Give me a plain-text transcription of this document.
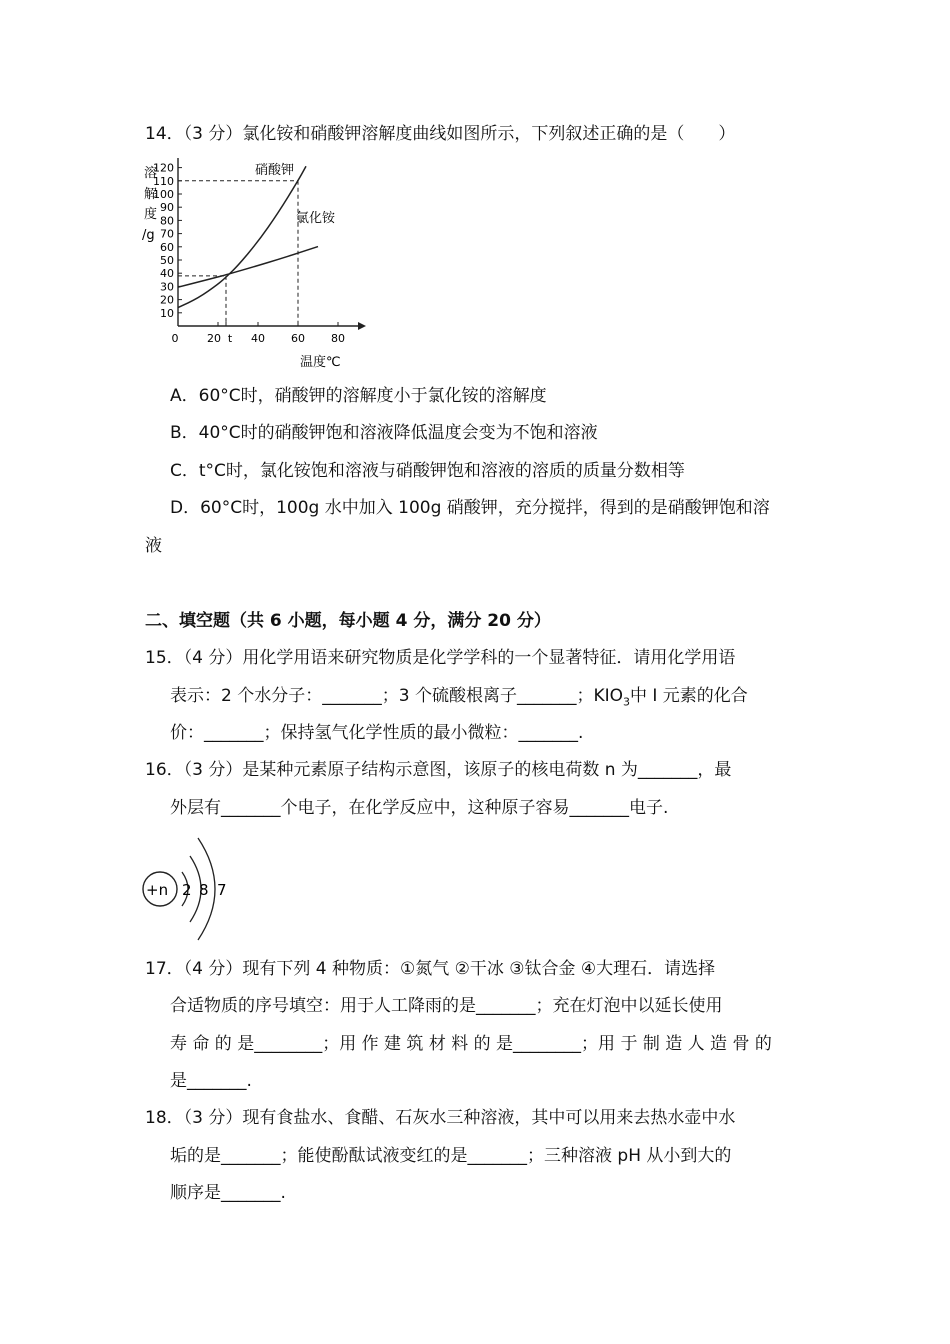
14．（3 分）氯化铵和硝酸钾溶解度曲线如图所示，下列叙述正确的是（　　）
溶
解
度
/g
10
20
30
40
50
60
70
80
90
100
110
120
0	20 t 40 60 80
硝酸钾
氯化铵
温度℃
A．60°C时，硝酸钾的溶解度小于氯化铵的溶解度
B．40°C时的硝酸钾饱和溶液降低温度会变为不饱和溶液
C．t°C时，氯化铵饱和溶液与硝酸钾饱和溶液的溶质的质量分数相等
D．60°C时，100g 水中加入 100g 硝酸钾，充分搅拌，得到的是硝酸钾饱和溶
液
二、填空题（共 6 小题，每小题 4 分，满分 20 分）
15．（4 分）用化学用语来研究物质是化学学科的一个显著特征．请用化学用语
表示：2 个水分子：_______；3 个硫酸根离子_______；$KIO_3$中 I 元素的化合
价：_______；保持氢气化学性质的最小微粒：_______.
16．（3 分）是某种元素原子结构示意图，该原子的核电荷数 n 为_______，最
外层有_______个电子，在化学反应中，这种原子容易_______电子.
+n 2 8 7
17．（4 分）现有下列 4 种物质：①氮气 ②干冰 ③钛合金 ④大理石．请选择
合适物质的序号填空：用于人工降雨的是_______；充在灯泡中以延长使用
寿 命 的 是________；用 作 建 筑 材 料 的 是________；用 于 制 造 人 造 骨 的
是_______.
18．（3 分）现有食盐水、食醋、石灰水三种溶液，其中可以用来去热水壶中水
垢的是_______；能使酚酞试液变红的是_______；三种溶液 pH 从小到大的
顺序是_______.
